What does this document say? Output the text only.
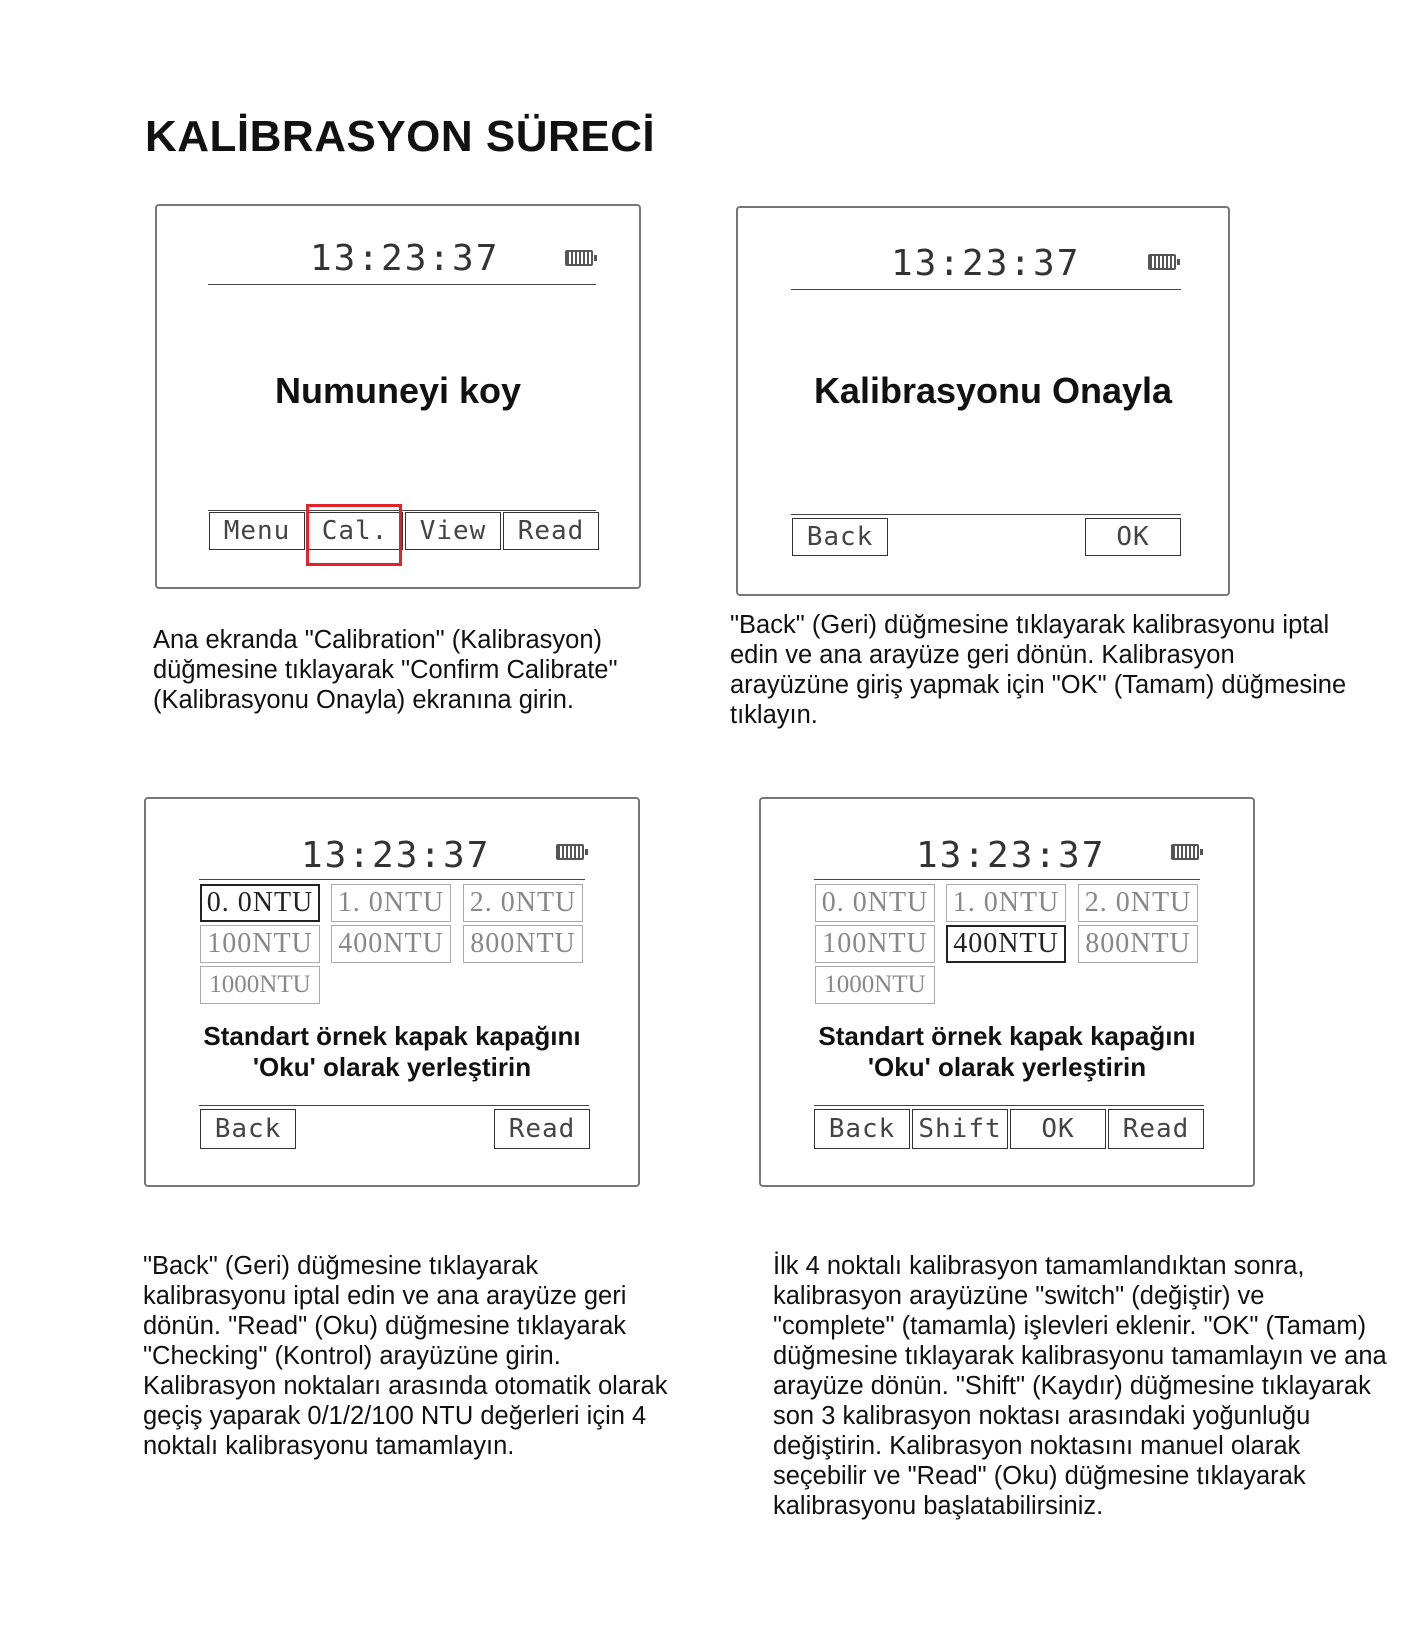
KALİBRASYON SÜRECİ
13:23:37
Numuneyi koy
Menu	Cal.	View	Read

Ana ekranda "Calibration" (Kalibrasyon) düğmesine tıklayarak "Confirm Calibrate" (Kalibrasyonu Onayla) ekranına girin.

13:23:37
Kalibrasyonu Onayla
Back	OK

"Back" (Geri) düğmesine tıklayarak kalibrasyonu iptal edin ve ana arayüze geri dönün. Kalibrasyon arayüzüne giriş yapmak için "OK" (Tamam) düğmesine tıklayın.

13:23:37
0. 0NTU 1. 0NTU 2. 0NTU
100NTU 400NTU 800NTU
1000NTU
Standart örnek kapak kapağını
'Oku' olarak yerleştirin
Back	Read

"Back" (Geri) düğmesine tıklayarak kalibrasyonu iptal edin ve ana arayüze geri dönün. "Read" (Oku) düğmesine tıklayarak "Checking" (Kontrol) arayüzüne girin. Kalibrasyon noktaları arasında otomatik olarak geçiş yaparak 0/1/2/100 NTU değerleri için 4 noktalı kalibrasyonu tamamlayın.

13:23:37
0. 0NTU 1. 0NTU 2. 0NTU
100NTU 400NTU 800NTU
1000NTU
Standart örnek kapak kapağını
'Oku' olarak yerleştirin
Back Shift	OK	Read

İlk 4 noktalı kalibrasyon tamamlandıktan sonra, kalibrasyon arayüzüne "switch" (değiştir) ve "complete" (tamamla) işlevleri eklenir. "OK" (Tamam) düğmesine tıklayarak kalibrasyonu tamamlayın ve ana arayüze dönün. "Shift" (Kaydır) düğmesine tıklayarak son 3 kalibrasyon noktası arasındaki yoğunluğu değiştirin. Kalibrasyon noktasını manuel olarak seçebilir ve "Read" (Oku) düğmesine tıklayarak kalibrasyonu başlatabilirsiniz.
